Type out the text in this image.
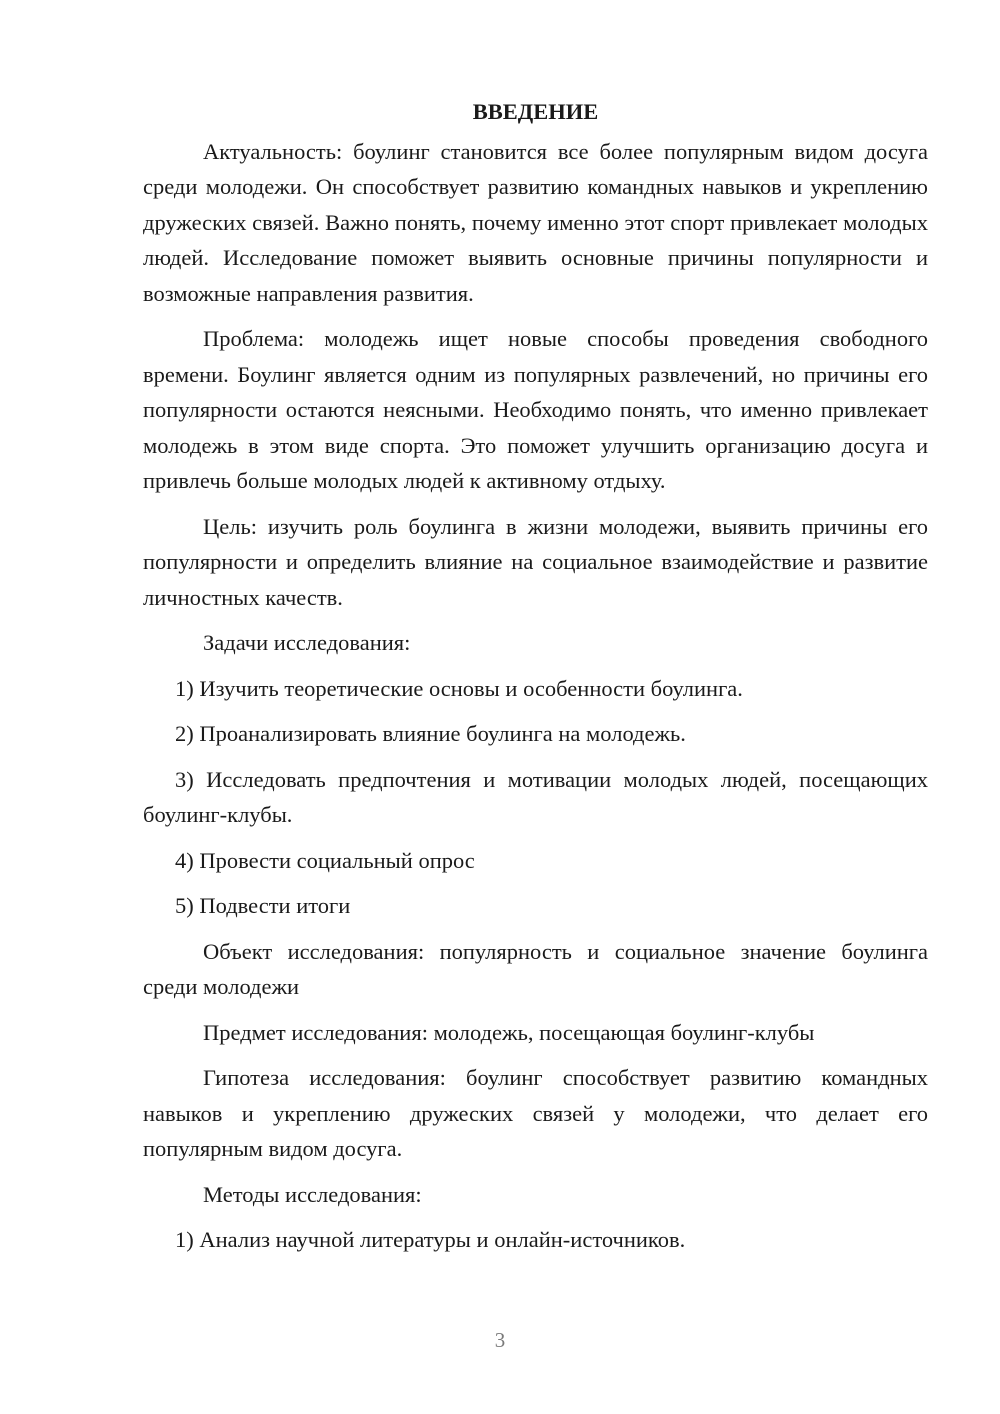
ВВЕДЕНИЕ

Актуальность: боулинг становится все более популярным видом досуга среди молодежи. Он способствует развитию командных навыков и укреплению дружеских связей. Важно понять, почему именно этот спорт привлекает молодых людей. Исследование поможет выявить основные причины популярности и возможные направления развития.

Проблема: молодежь ищет новые способы проведения свободного времени. Боулинг является одним из популярных развлечений, но причины его популярности остаются неясными. Необходимо понять, что именно привлекает молодежь в этом виде спорта. Это поможет улучшить организацию досуга и привлечь больше молодых людей к активному отдыху.

Цель: изучить роль боулинга в жизни молодежи, выявить причины его популярности и определить влияние на социальное взаимодействие и развитие личностных качеств.

Задачи исследования:

1) Изучить теоретические основы и особенности боулинга.

2) Проанализировать влияние боулинга на молодежь.

3) Исследовать предпочтения и мотивации молодых людей, посещающих боулинг-клубы.

4) Провести социальный опрос

5) Подвести итоги

Объект исследования: популярность и социальное значение боулинга среди молодежи

Предмет исследования: молодежь, посещающая боулинг-клубы

Гипотеза исследования: боулинг способствует развитию командных навыков и укреплению дружеских связей у молодежи, что делает его популярным видом досуга.

Методы исследования:

1) Анализ научной литературы и онлайн-источников.

3
